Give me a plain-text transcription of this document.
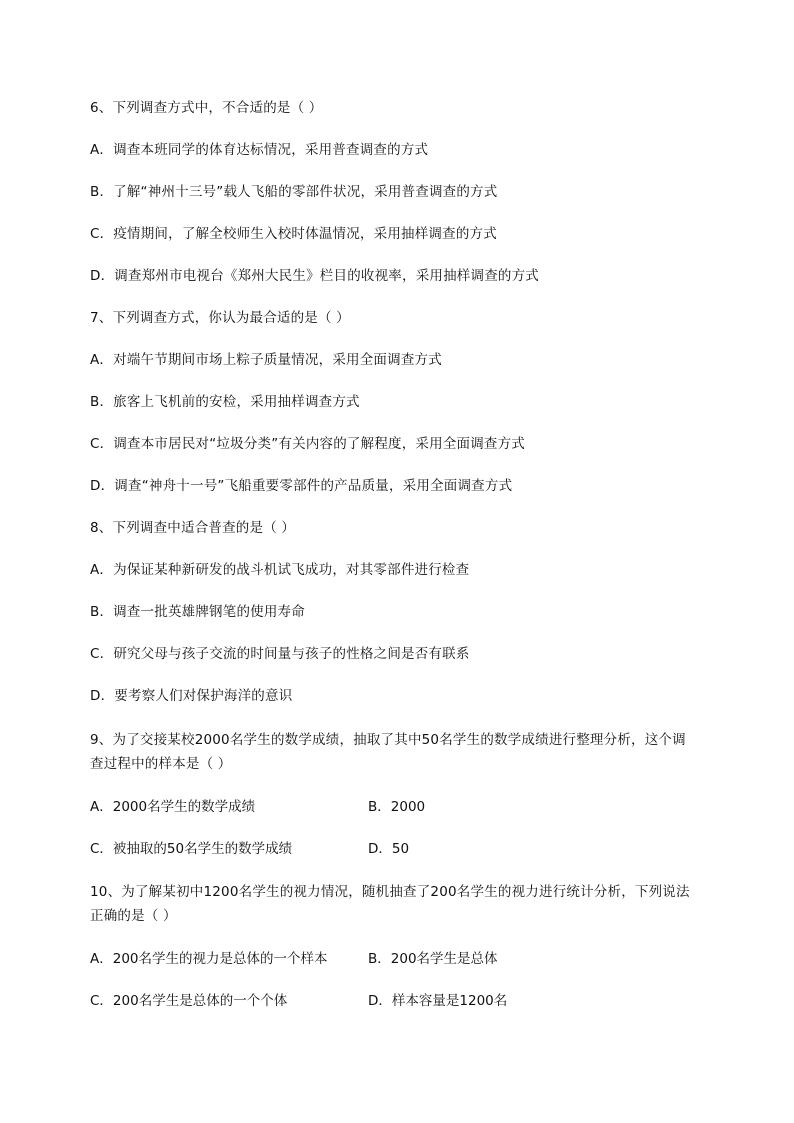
6、下列调查方式中，不合适的是（ ）
A．调查本班同学的体育达标情况，采用普查调查的方式
B．了解“神州十三号”载人飞船的零部件状况，采用普查调查的方式
C．疫情期间，了解全校师生入校时体温情况，采用抽样调查的方式
D．调查郑州市电视台《郑州大民生》栏目的收视率，采用抽样调查的方式
7、下列调查方式，你认为最合适的是（ ）
A．对端午节期间市场上粽子质量情况，采用全面调查方式
B．旅客上飞机前的安检，采用抽样调查方式
C．调查本市居民对“垃圾分类”有关内容的了解程度，采用全面调查方式
D．调查“神舟十一号”飞船重要零部件的产品质量，采用全面调查方式
8、下列调查中适合普查的是（ ）
A．为保证某种新研发的战斗机试飞成功，对其零部件进行检查
B．调查一批英雄牌钢笔的使用寿命
C．研究父母与孩子交流的时间量与孩子的性格之间是否有联系
D．要考察人们对保护海洋的意识
9、为了交接某校2000名学生的数学成绩，抽取了其中50名学生的数学成绩进行整理分析，这个调
查过程中的样本是（ ）
A．2000名学生的数学成绩	B．2000
C．被抽取的50名学生的数学成绩	D．50
10、为了解某初中1200名学生的视力情况，随机抽查了200名学生的视力进行统计分析，下列说法
正确的是（ ）
A．200名学生的视力是总体的一个样本	B．200名学生是总体
C．200名学生是总体的一个个体	D．样本容量是1200名
